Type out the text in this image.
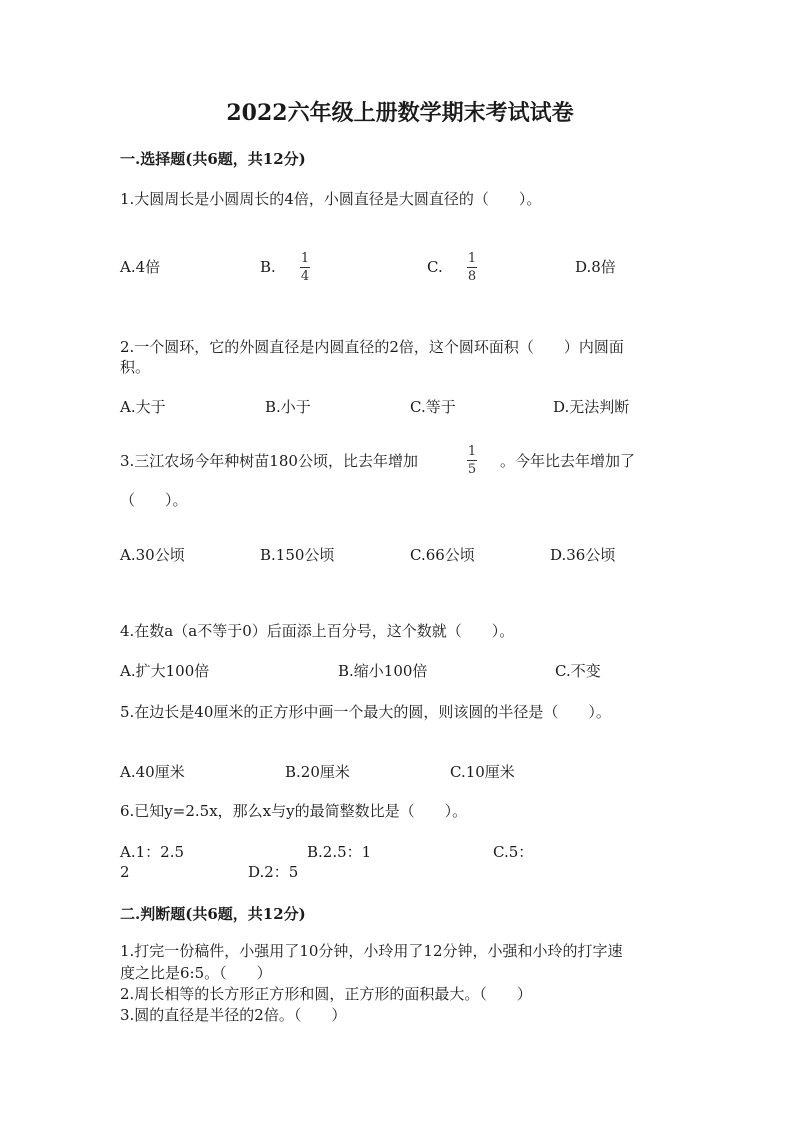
2022六年级上册数学期末考试试卷
一.选择题(共6题，共12分)
1.大圆周长是小圆周长的4倍，小圆直径是大圆直径的（　　）。
A.4倍	B. 1
4
C. 1
8
D.8倍
2.一个圆环，它的外圆直径是内圆直径的2倍，这个圆环面积（　　）内圆面
积。
A.大于	B.小于	C.等于	D.无法判断
3.三江农场今年种树苗180公顷，比去年增加
1
5 。今年比去年增加了
（　　）。
A.30公顷	B.150公顷	C.66公顷	D.36公顷
4.在数a（a不等于0）后面添上百分号，这个数就（　　）。
A.扩大100倍	B.缩小100倍	C.不变
5.在边长是40厘米的正方形中画一个最大的圆，则该圆的半径是（　　）。
A.40厘米	B.20厘米	C.10厘米
6.已知y=2.5x，那么x与y的最简整数比是（　　）。
A.1：2.5	B.2.5：1	C.5：
2	D.2：5
二.判断题(共6题，共12分)
1.打完一份稿件，小强用了10分钟，小玲用了12分钟，小强和小玲的打字速
度之比是6:5。（　　）
2.周长相等的长方形正方形和圆，正方形的面积最大。（　　）
3.圆的直径是半径的2倍。（　　）
